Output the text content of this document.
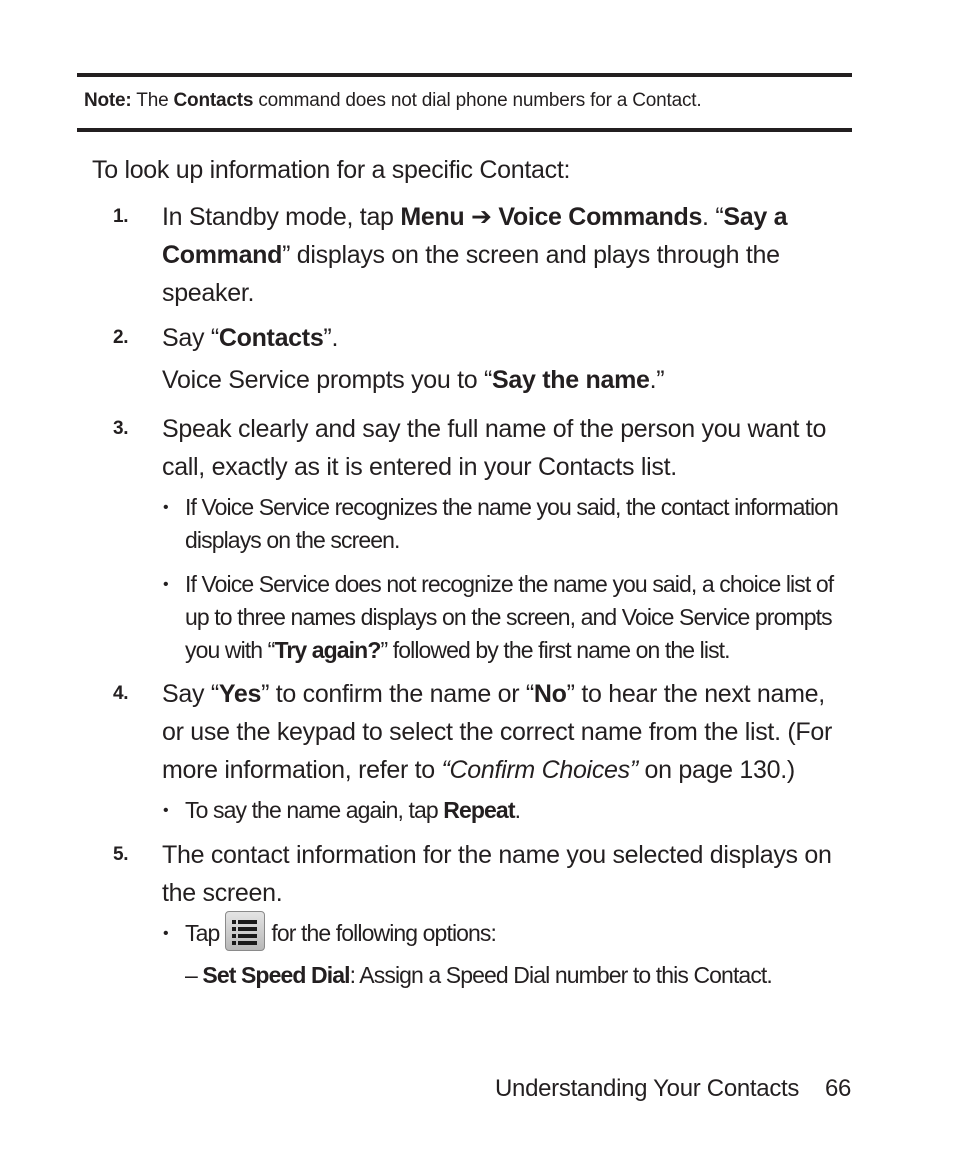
Note: The Contacts command does not dial phone numbers for a Contact.
To look up information for a specific Contact:
1.	In Standby mode, tap Menu ➔ Voice Commands. “Say a Command” displays on the screen and plays through the speaker.
2.	Say “Contacts”.
Voice Service prompts you to “Say the name.”
3.	Speak clearly and say the full name of the person you want to call, exactly as it is entered in your Contacts list.
• If Voice Service recognizes the name you said, the contact information displays on the screen.
• If Voice Service does not recognize the name you said, a choice list of up to three names displays on the screen, and Voice Service prompts you with “Try again?” followed by the first name on the list.
4.	Say “Yes” to confirm the name or “No” to hear the next name, or use the keypad to select the correct name from the list. (For more information, refer to “Confirm Choices” on page 130.)
• To say the name again, tap Repeat.
5.	The contact information for the name you selected displays on the screen.
• Tap for the following options:
– Set Speed Dial: Assign a Speed Dial number to this Contact.
Understanding Your Contacts 66
